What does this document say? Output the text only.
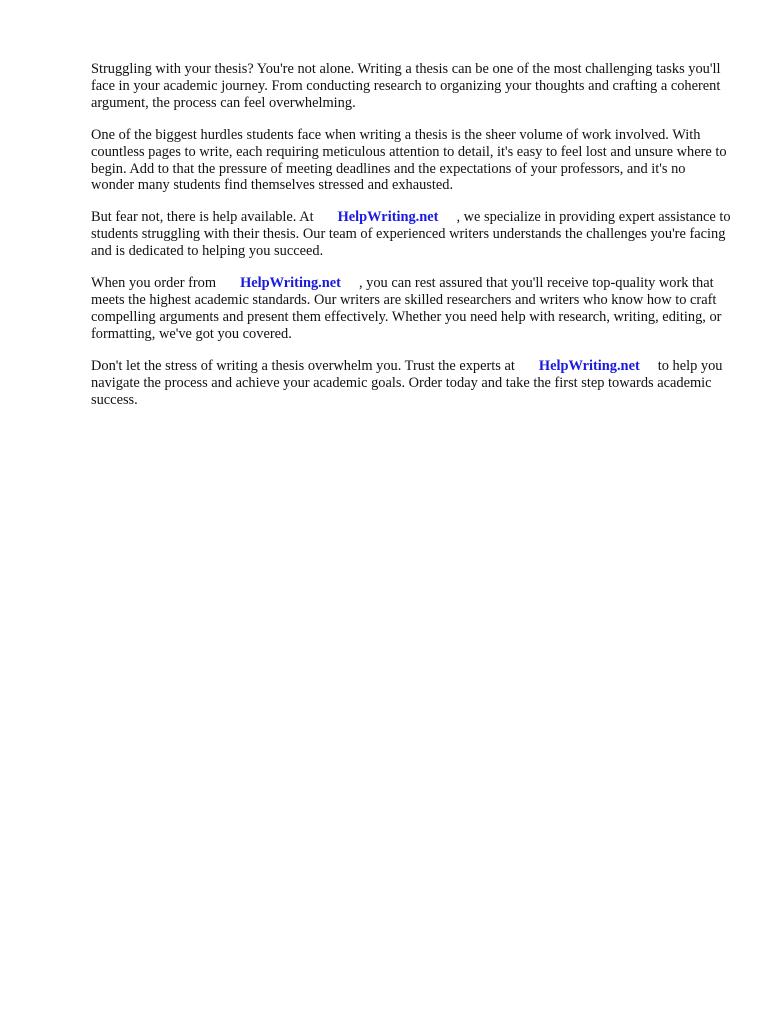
Struggling with your thesis? You're not alone. Writing a thesis can be one of the most challenging tasks you'll face in your academic journey. From conducting research to organizing your thoughts and crafting a coherent argument, the process can feel overwhelming.

One of the biggest hurdles students face when writing a thesis is the sheer volume of work involved. With countless pages to write, each requiring meticulous attention to detail, it's easy to feel lost and unsure where to begin. Add to that the pressure of meeting deadlines and the expectations of your professors, and it's no wonder many students find themselves stressed and exhausted.

But fear not, there is help available. At HelpWriting.net , we specialize in providing expert assistance to students struggling with their thesis. Our team of experienced writers understands the challenges you're facing and is dedicated to helping you succeed.

When you order from HelpWriting.net , you can rest assured that you'll receive top-quality work that meets the highest academic standards. Our writers are skilled researchers and writers who know how to craft compelling arguments and present them effectively. Whether you need help with research, writing, editing, or formatting, we've got you covered.

Don't let the stress of writing a thesis overwhelm you. Trust the experts at HelpWriting.net to help you navigate the process and achieve your academic goals. Order today and take the first step towards academic success.
